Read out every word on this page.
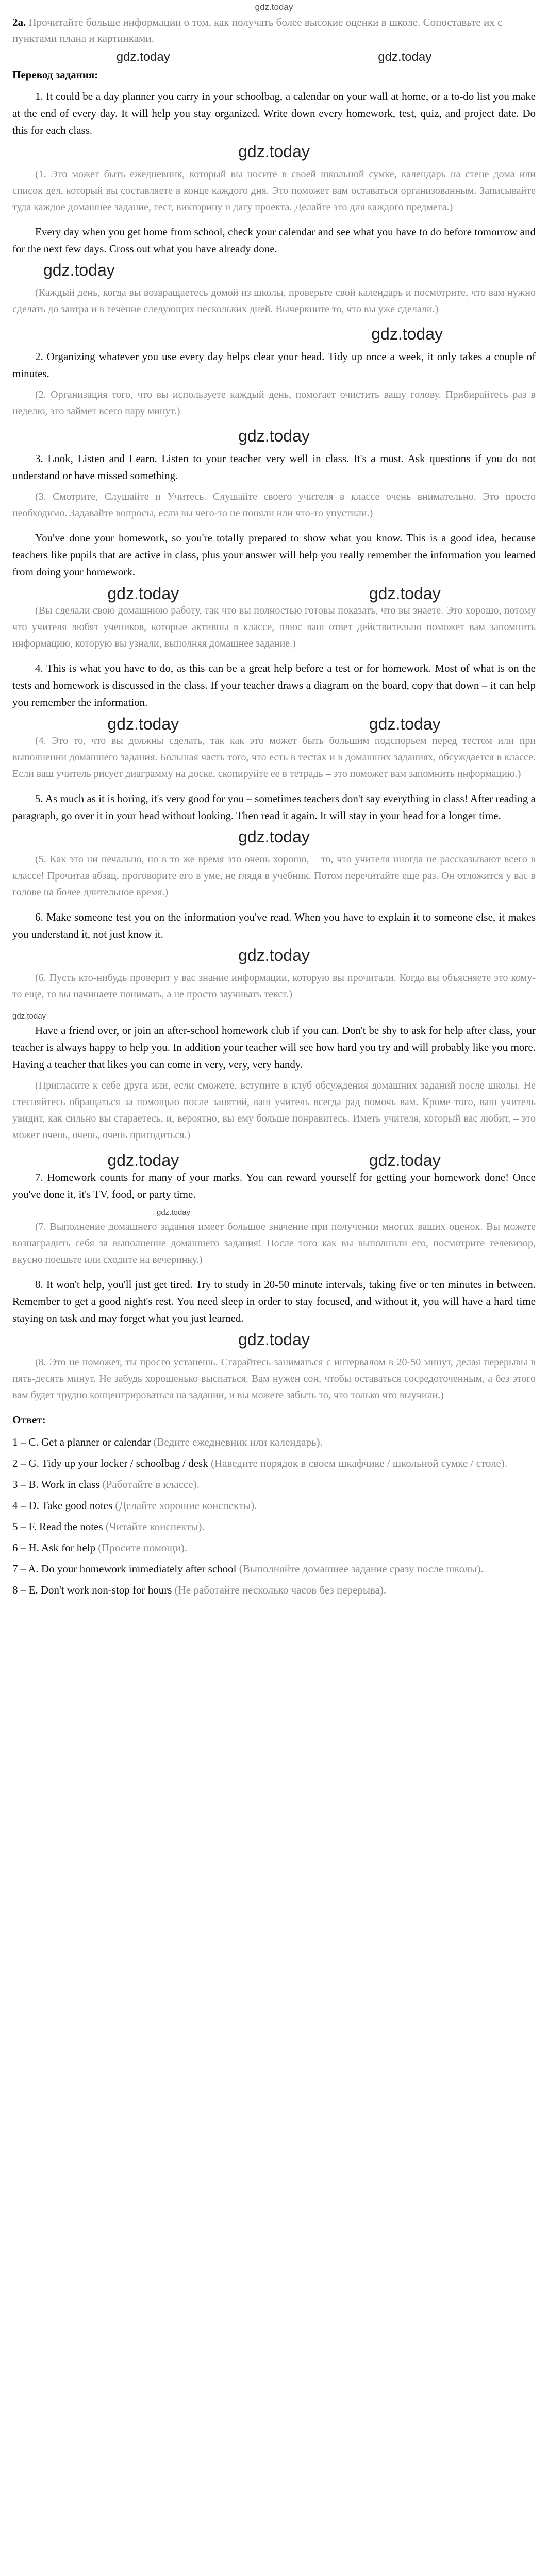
gdz.today

2a. Прочитайте больше информации о том, как получать более высокие оценки в школе. Сопоставьте их с пунктами плана и картинками.

gdz.today	gdz.today
Перевод задания:

1. It could be a day planner you carry in your schoolbag, a calendar on your wall at home, or a to-do list you make at the end of every day. It will help you stay organized. Write down every homework, test, quiz, and project date. Do this for each class.

gdz.today

(1. Это может быть ежедневник, который вы носите в своей школьной сумке, календарь на стене дома или список дел, который вы составляете в конце каждого дня. Это поможет вам оставаться организованным. Записывайте туда каждое домашнее задание, тест, викторину и дату проекта. Делайте это для каждого предмета.)

Every day when you get home from school, check your calendar and see what you have to do before tomorrow and for the next few days. Cross out what you have already done.

gdz.today

(Каждый день, когда вы возвращаетесь домой из школы, проверьте свой календарь и посмотрите, что вам нужно сделать до завтра и в течение следующих нескольких дней. Вычеркните то, что вы уже сделали.)

gdz.today

2. Organizing whatever you use every day helps clear your head. Tidy up once a week, it only takes a couple of minutes.

(2. Организация того, что вы используете каждый день, помогает очистить вашу голову. Прибирайтесь раз в неделю, это займет всего пару минут.)

gdz.today

3. Look, Listen and Learn. Listen to your teacher very well in class. It's a must. Ask questions if you do not understand or have missed something.

(3. Смотрите, Слушайте и Учитесь. Слушайте своего учителя в классе очень внимательно. Это просто необходимо. Задавайте вопросы, если вы чего-то не поняли или что-то упустили.)

You've done your homework, so you're totally prepared to show what you know. This is a good idea, because teachers like pupils that are active in class, plus your answer will help you really remember the information you learned from doing your homework.

gdz.today	gdz.today

(Вы сделали свою домашнюю работу, так что вы полностью готовы показать, что вы знаете. Это хорошо, потому что учителя любят учеников, которые активны в классе, плюс ваш ответ действительно поможет вам запомнить информацию, которую вы узнали, выполняя домашнее задание.)

4. This is what you have to do, as this can be a great help before a test or for homework. Most of what is on the tests and homework is discussed in the class. If your teacher draws a diagram on the board, copy that down – it can help you remember the information.

gdz.today	gdz.today

(4. Это то, что вы должны сделать, так как это может быть большим подспорьем перед тестом или при выполнении домашнего задания. Большая часть того, что есть в тестах и в домашних заданиях, обсуждается в классе. Если ваш учитель рисует диаграмму на доске, скопируйте ее в тетрадь – это поможет вам запомнить информацию.)

5. As much as it is boring, it's very good for you – sometimes teachers don't say everything in class! After reading a paragraph, go over it in your head without looking. Then read it again. It will stay in your head for a longer time.

gdz.today

(5. Как это ни печально, но в то же время это очень хорошо, – то, что учителя иногда не рассказывают всего в классе! Прочитав абзац, проговорите его в уме, не глядя в учебник. Потом перечитайте еще раз. Он отложится у вас в голове на более длительное время.)

6. Make someone test you on the information you've read. When you have to explain it to someone else, it makes you understand it, not just know it.

gdz.today

(6. Пусть кто-нибудь проверит у вас знание информации, которую вы прочитали. Когда вы объясняете это кому-то еще, то вы начинаете понимать, а не просто заучивать текст.)

gdz.today

Have a friend over, or join an after-school homework club if you can. Don't be shy to ask for help after class, your teacher is always happy to help you. In addition your teacher will see how hard you try and will probably like you more. Having a teacher that likes you can come in very, very, very handy.

(Пригласите к себе друга или, если сможете, вступите в клуб обсуждения домашних заданий после школы. Не стесняйтесь обращаться за помощью после занятий, ваш учитель всегда рад помочь вам. Кроме того, ваш учитель увидит, как сильно вы стараетесь, и, вероятно, вы ему больше понравитесь. Иметь учителя, который вас любит, – это может очень, очень, очень пригодиться.)

gdz.today	gdz.today

7. Homework counts for many of your marks. You can reward yourself for getting your homework done! Once you've done it, it's TV, food, or party time.

gdz.today

(7. Выполнение домашнего задания имеет большое значение при получении многих ваших оценок. Вы можете вознаградить себя за выполнение домашнего задания! После того как вы выполнили его, посмотрите телевизор, вкусно поешьте или сходите на вечеринку.)

8. It won't help, you'll just get tired. Try to study in 20-50 minute intervals, taking five or ten minutes in between. Remember to get a good night's rest. You need sleep in order to stay focused, and without it, you will have a hard time staying on task and may forget what you just learned.

gdz.today

(8. Это не поможет, ты просто устанешь. Старайтесь заниматься с интервалом в 20-50 минут, делая перерывы в пять-десять минут. Не забудь хорошенько выспаться. Вам нужен сон, чтобы оставаться сосредоточенным, а без этого вам будет трудно концентрироваться на задании, и вы можете забыть то, что только что выучили.)

Ответ:

1 – C. Get a planner or calendar (Ведите ежедневник или календарь).

2 – G. Tidy up your locker / schoolbag / desk (Наведите порядок в своем шкафчике / школьной сумке / столе).

3 – B. Work in class (Работайте в классе).

4 – D. Take good notes (Делайте хорошие конспекты).

5 – F. Read the notes (Читайте конспекты).

6 – H. Ask for help (Просите помощи).

7 – A. Do your homework immediately after school (Выполняйте домашнее задание сразу после школы).

8 – E. Don't work non-stop for hours (Не работайте несколько часов без перерыва).
